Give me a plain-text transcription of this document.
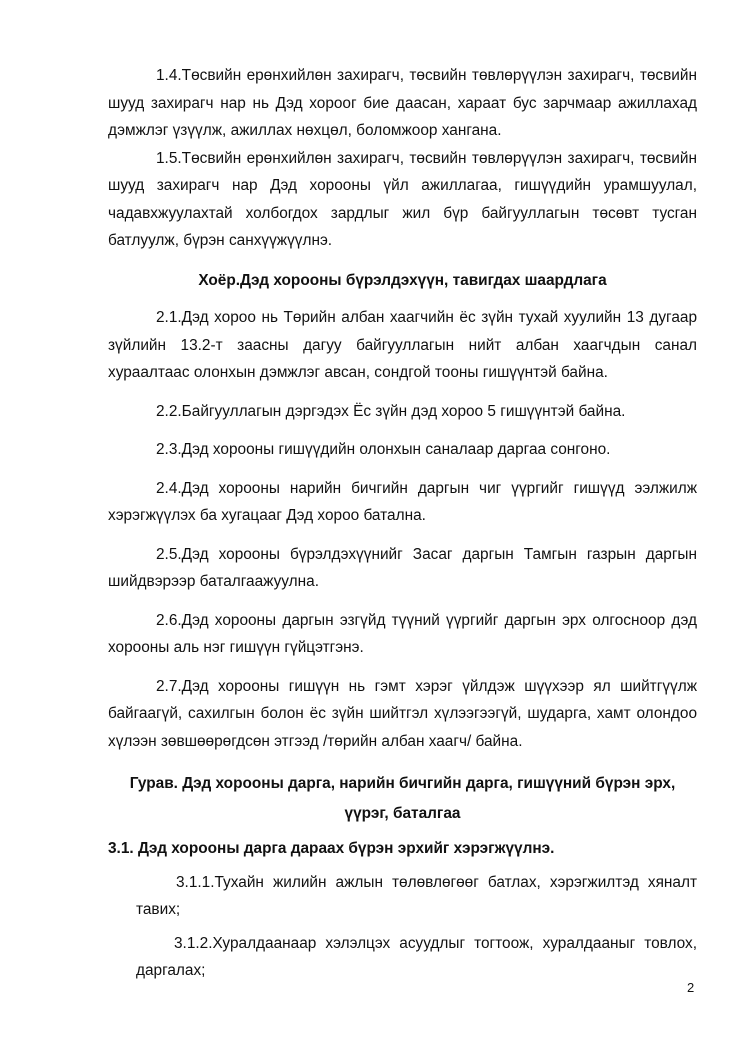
1.4.Төсвийн ерөнхийлөн захирагч, төсвийн төвлөрүүлэн захирагч, төсвийн шууд захирагч нар нь Дэд хороог бие даасан, хараат бус зарчмаар ажиллахад дэмжлэг үзүүлж, ажиллах нөхцөл, боломжоор хангана.

1.5.Төсвийн ерөнхийлөн захирагч, төсвийн төвлөрүүлэн захирагч, төсвийн шууд захирагч нар Дэд хорооны үйл ажиллагаа, гишүүдийн урамшуулал, чадавхжуулахтай холбогдох зардлыг жил бүр байгууллагын төсөвт тусган батлуулж, бүрэн санхүүжүүлнэ.

Хоёр.Дэд хорооны бүрэлдэхүүн, тавигдах шаардлага

2.1.Дэд хороо нь Төрийн албан хаагчийн ёс зүйн тухай хуулийн 13 дугаар зүйлийн 13.2-т заасны дагуу байгууллагын нийт албан хаагчдын санал хураалтаас олонхын дэмжлэг авсан, сондгой тооны гишүүнтэй байна.

2.2.Байгууллагын дэргэдэх Ёс зүйн дэд хороо 5 гишүүнтэй байна.

2.3.Дэд хорооны гишүүдийн олонхын саналаар даргаа сонгоно.

2.4.Дэд хорооны нарийн бичгийн даргын чиг үүргийг гишүүд ээлжилж хэрэгжүүлэх ба хугацааг Дэд хороо батална.

2.5.Дэд хорооны бүрэлдэхүүнийг Засаг даргын Тамгын газрын даргын шийдвэрээр баталгаажуулна.

2.6.Дэд хорооны даргын эзгүйд түүний үүргийг даргын эрх олгосноор дэд хорооны аль нэг гишүүн гүйцэтгэнэ.

2.7.Дэд хорооны гишүүн нь гэмт хэрэг үйлдэж шүүхээр ял шийтгүүлж байгаагүй, сахилгын болон ёс зүйн шийтгэл хүлээгээгүй, шударга, хамт олондоо хүлээн зөвшөөрөгдсөн этгээд /төрийн албан хаагч/ байна.

Гурав. Дэд хорооны дарга, нарийн бичгийн дарга, гишүүний бүрэн эрх, үүрэг, баталгаа

3.1. Дэд хорооны дарга дараах бүрэн эрхийг хэрэгжүүлнэ.

3.1.1.Тухайн жилийн ажлын төлөвлөгөөг батлах, хэрэгжилтэд хяналт тавих;

3.1.2.Хуралдаанаар хэлэлцэх асуудлыг тогтоож, хуралдааныг товлох, даргалах;

2
